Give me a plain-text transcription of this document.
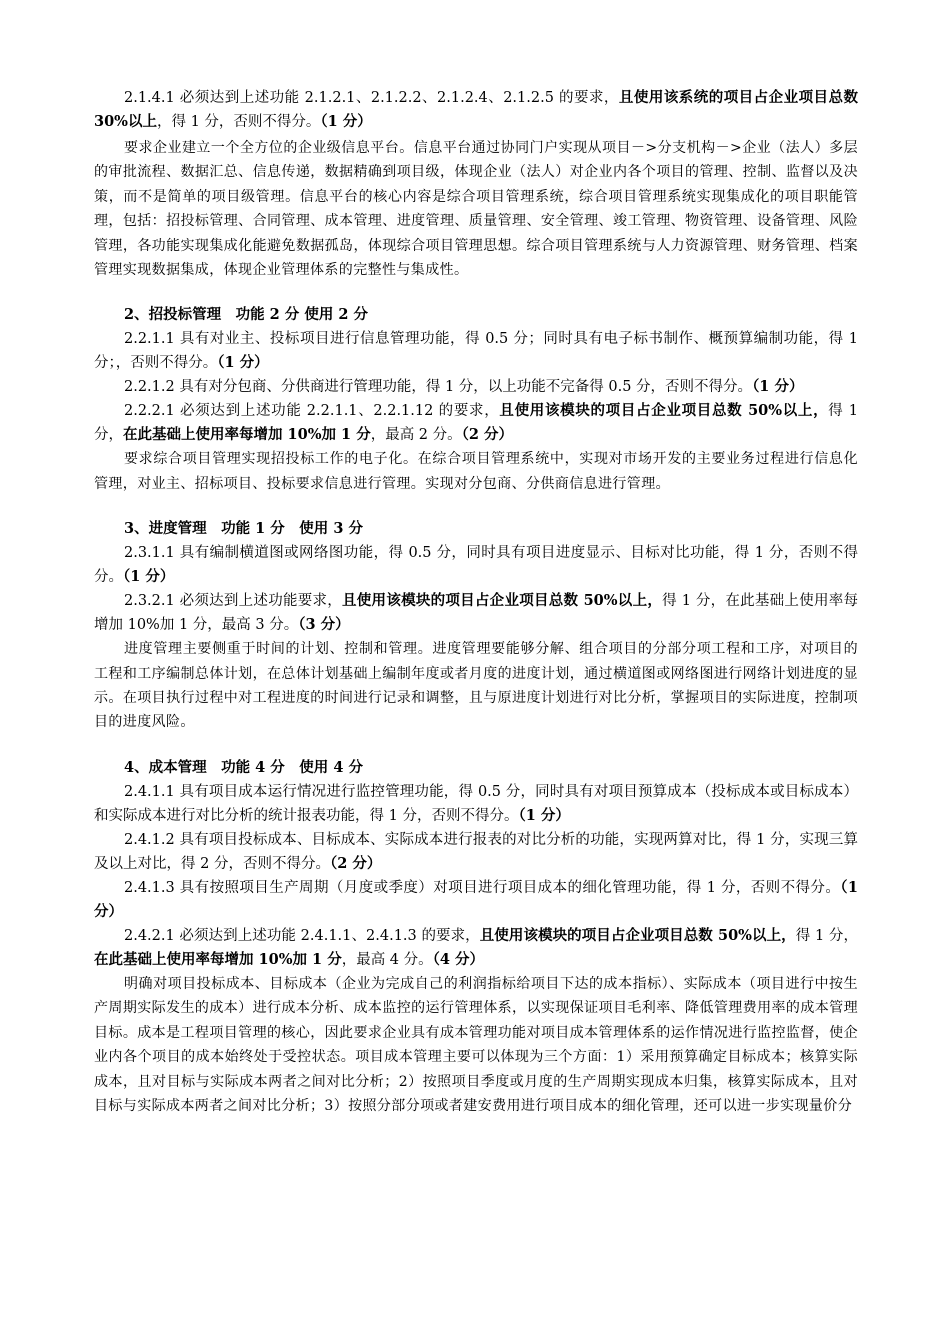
2.1.4.1 必须达到上述功能 2.1.2.1、2.1.2.2、2.1.2.4、2.1.2.5 的要求，且使用该系统的项目占企业项目总数 30%以上，得 1 分，否则不得分。（1 分）

要求企业建立一个全方位的企业级信息平台。信息平台通过协同门户实现从项目－>分支机构－>企业（法人）多层的审批流程、数据汇总、信息传递，数据精确到项目级，体现企业（法人）对企业内各个项目的管理、控制、监督以及决策，而不是简单的项目级管理。信息平台的核心内容是综合项目管理系统，综合项目管理系统实现集成化的项目职能管理，包括：招投标管理、合同管理、成本管理、进度管理、质量管理、安全管理、竣工管理、物资管理、设备管理、风险管理，各功能实现集成化能避免数据孤岛，体现综合项目管理思想。综合项目管理系统与人力资源管理、财务管理、档案管理实现数据集成，体现企业管理体系的完整性与集成性。

2、招投标管理　功能 2 分 使用 2 分

2.2.1.1 具有对业主、投标项目进行信息管理功能，得 0.5 分；同时具有电子标书制作、概预算编制功能，得 1 分；，否则不得分。（1 分）

2.2.1.2 具有对分包商、分供商进行管理功能，得 1 分，以上功能不完备得 0.5 分，否则不得分。（1 分）

2.2.2.1 必须达到上述功能 2.2.1.1、2.2.1.12 的要求，且使用该模块的项目占企业项目总数 50%以上，得 1 分，在此基础上使用率每增加 10%加 1 分，最高 2 分。（2 分）

要求综合项目管理实现招投标工作的电子化。在综合项目管理系统中，实现对市场开发的主要业务过程进行信息化管理，对业主、招标项目、投标要求信息进行管理。实现对分包商、分供商信息进行管理。

3、进度管理　功能 1 分　使用 3 分

2.3.1.1 具有编制横道图或网络图功能，得 0.5 分，同时具有项目进度显示、目标对比功能，得 1 分，否则不得分。（1 分）

2.3.2.1 必须达到上述功能要求，且使用该模块的项目占企业项目总数 50%以上，得 1 分，在此基础上使用率每增加 10%加 1 分，最高 3 分。（3 分）

进度管理主要侧重于时间的计划、控制和管理。进度管理要能够分解、组合项目的分部分项工程和工序，对项目的工程和工序编制总体计划，在总体计划基础上编制年度或者月度的进度计划，通过横道图或网络图进行网络计划进度的显示。在项目执行过程中对工程进度的时间进行记录和调整，且与原进度计划进行对比分析，掌握项目的实际进度，控制项目的进度风险。

4、成本管理　功能 4 分　使用 4 分

2.4.1.1 具有项目成本运行情况进行监控管理功能，得 0.5 分，同时具有对项目预算成本（投标成本或目标成本）和实际成本进行对比分析的统计报表功能，得 1 分，否则不得分。（1 分）

2.4.1.2 具有项目投标成本、目标成本、实际成本进行报表的对比分析的功能，实现两算对比，得 1 分，实现三算及以上对比，得 2 分，否则不得分。（2 分）

2.4.1.3 具有按照项目生产周期（月度或季度）对项目进行项目成本的细化管理功能，得 1 分，否则不得分。（1 分）

2.4.2.1 必须达到上述功能 2.4.1.1、2.4.1.3 的要求，且使用该模块的项目占企业项目总数 50%以上，得 1 分，在此基础上使用率每增加 10%加 1 分，最高 4 分。（4 分）

明确对项目投标成本、目标成本（企业为完成自己的利润指标给项目下达的成本指标）、实际成本（项目进行中按生产周期实际发生的成本）进行成本分析、成本监控的运行管理体系，以实现保证项目毛利率、降低管理费用率的成本管理目标。成本是工程项目管理的核心，因此要求企业具有成本管理功能对项目成本管理体系的运作情况进行监控监督，使企业内各个项目的成本始终处于受控状态。项目成本管理主要可以体现为三个方面：1）采用预算确定目标成本；核算实际成本，且对目标与实际成本两者之间对比分析；2）按照项目季度或月度的生产周期实现成本归集，核算实际成本，且对目标与实际成本两者之间对比分析；3）按照分部分项或者建安费用进行项目成本的细化管理，还可以进一步实现量价分
